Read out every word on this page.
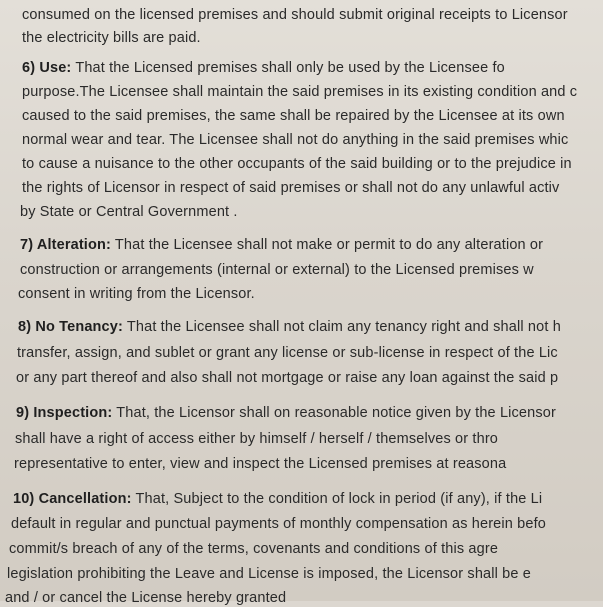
consumed on the licensed premises and should submit original receipts to Licensor
the electricity bills are paid.
6) Use: That the Licensed premises shall only be used by the Licensee fo
purpose.The Licensee shall maintain the said premises in its existing condition and c
caused to the said premises, the same shall be repaired by the Licensee at its own
normal wear and tear. The Licensee shall not do anything in the said premises whic
to cause a nuisance to the other occupants of the said building or to the prejudice in
the rights of Licensor in respect of said premises or shall not do any unlawful activ
by State or Central Government .
7) Alteration: That the Licensee shall not make or permit to do any alteration or
construction or arrangements (internal or external) to the Licensed premises w
consent in writing from the Licensor.
8) No Tenancy: That the Licensee shall not claim any tenancy right and shall not h
transfer, assign, and sublet or grant any license or sub-license in respect of the Lic
or any part thereof and also shall not mortgage or raise any loan against the said p
9) Inspection: That, the Licensor shall on reasonable notice given by the Licensor
shall have a right of access either by himself / herself / themselves or thro
representative to enter, view and inspect the Licensed premises at reasona
10) Cancellation: That, Subject to the condition of lock in period (if any), if the Li
default in regular and punctual payments of monthly compensation as herein befo
commit/s breach of any of the terms, covenants and conditions of this agre
legislation prohibiting the Leave and License is imposed, the Licensor shall be e
and / or cancel the License hereby granted
